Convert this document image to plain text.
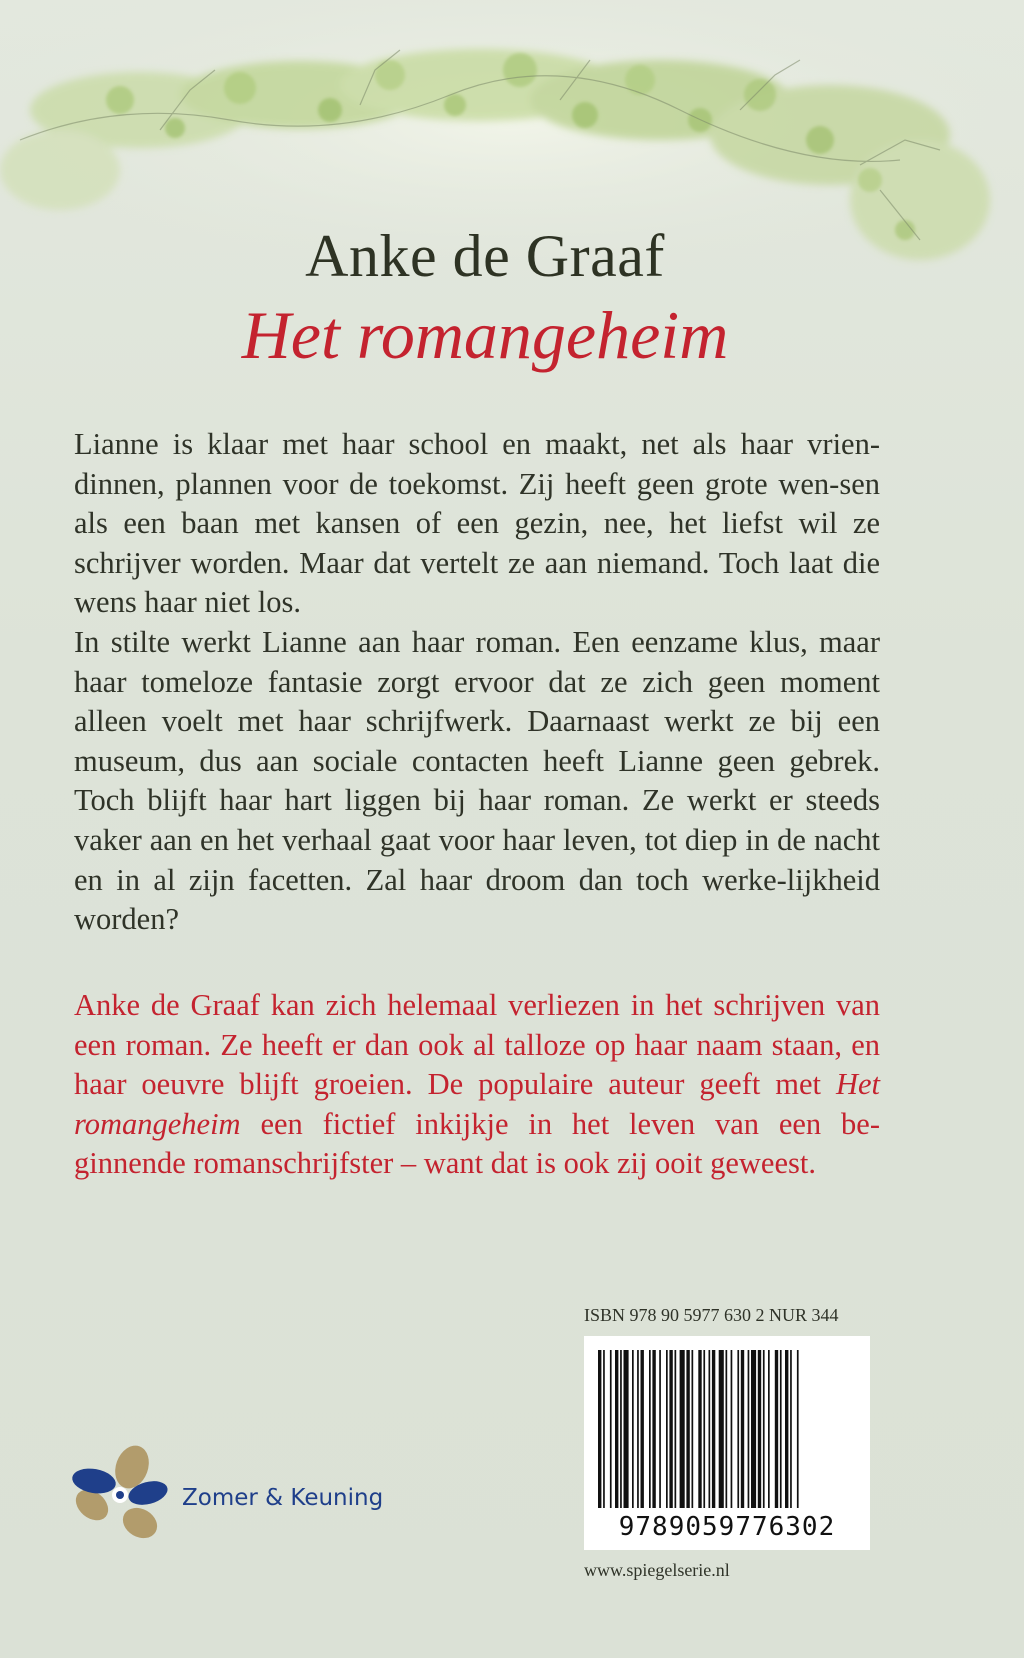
Anke de Graaf
Het romangeheim

Lianne is klaar met haar school en maakt, net als haar vrien-dinnen, plannen voor de toekomst. Zij heeft geen grote wen-sen als een baan met kansen of een gezin, nee, het liefst wil ze schrijver worden. Maar dat vertelt ze aan niemand. Toch laat die wens haar niet los.

In stilte werkt Lianne aan haar roman. Een eenzame klus, maar haar tomeloze fantasie zorgt ervoor dat ze zich geen moment alleen voelt met haar schrijfwerk. Daarnaast werkt ze bij een museum, dus aan sociale contacten heeft Lianne geen gebrek. Toch blijft haar hart liggen bij haar roman. Ze werkt er steeds vaker aan en het verhaal gaat voor haar leven, tot diep in de nacht en in al zijn facetten. Zal haar droom dan toch werke-lijkheid worden?

Anke de Graaf kan zich helemaal verliezen in het schrijven van een roman. Ze heeft er dan ook al talloze op haar naam staan, en haar oeuvre blijft groeien. De populaire auteur geeft met Het romangeheim een fictief inkijkje in het leven van een be-ginnende romanschrijfster – want dat is ook zij ooit geweest.

ISBN 978 90 5977 630 2 NUR 344
9789059776302
www.spiegelserie.nl
Zomer & Keuning
